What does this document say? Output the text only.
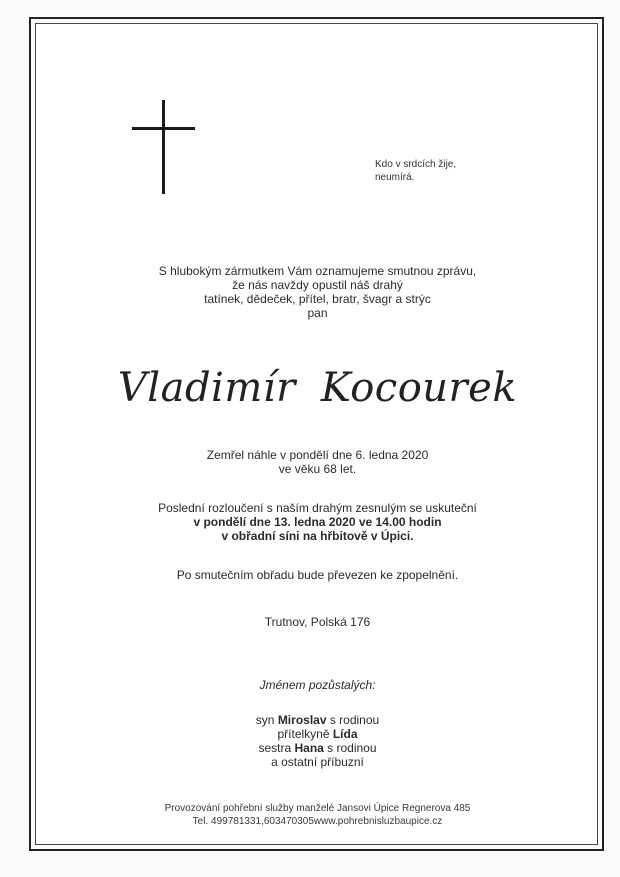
Kdo v srdcích žije,
neumírá.
S hlubokým zármutkem Vám oznamujeme smutnou zprávu,
že nás navždy opustil náš drahý
tatínek, dědeček, přítel, bratr, švagr a strýc
pan
Vladimír Kocourek
Zemřel náhle v pondělí dne 6. ledna 2020
ve věku 68 let.
Poslední rozloučení s naším drahým zesnulým se uskuteční
v pondělí dne 13. ledna 2020 ve 14.00 hodin
v obřadní síni na hřbitově v Úpici.
Po smutečním obřadu bude převezen ke zpopelnění.
Trutnov, Polská 176
Jménem pozůstalých:
syn Miroslav s rodinou
přítelkyně Lída
sestra Hana s rodinou
a ostatní příbuzní
Provozování pohřební služby manželé Jansovi Úpice Regnerova 485
Tel. 499781331,603470305www.pohrebnisluzbaupice.cz
